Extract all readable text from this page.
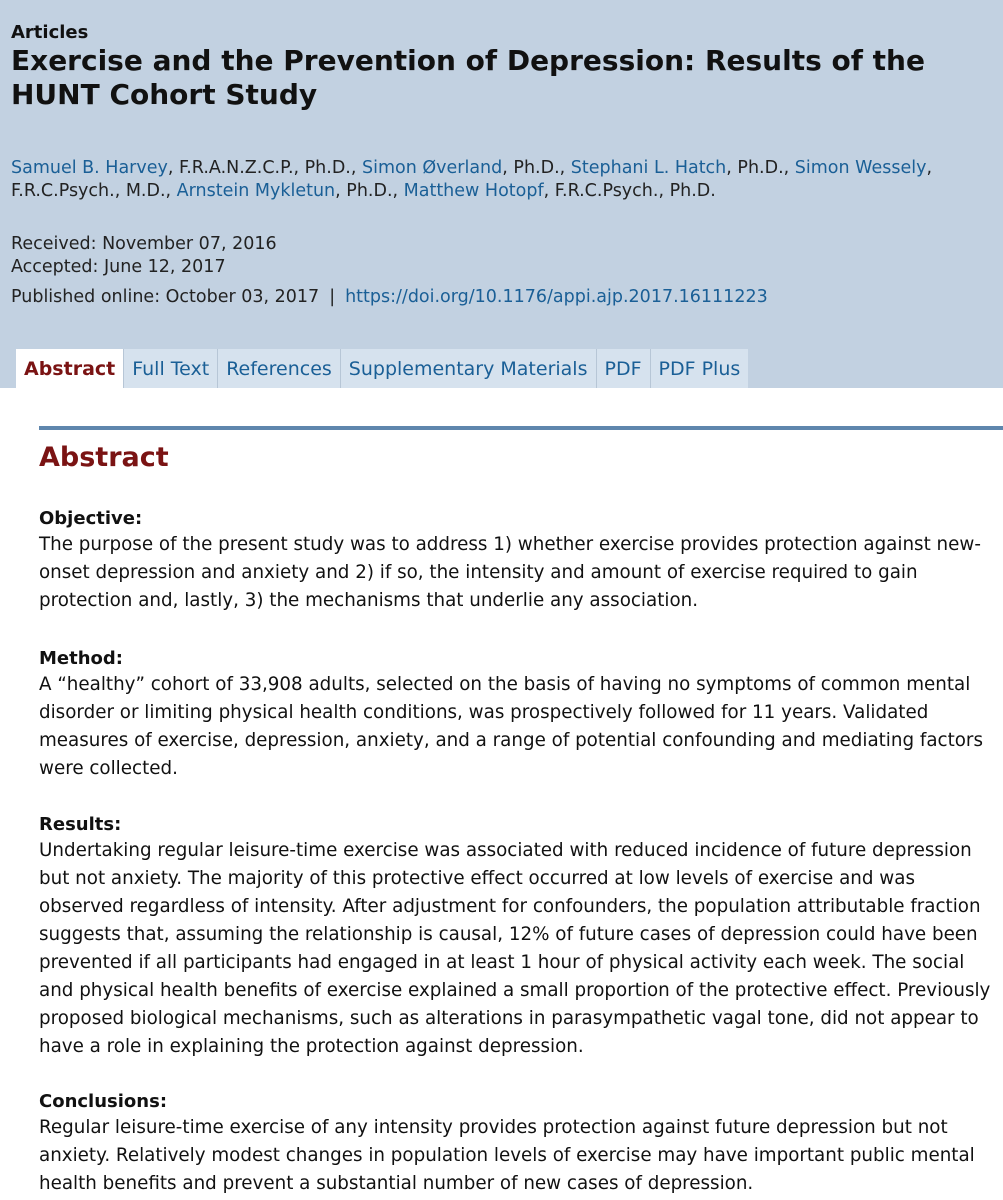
Articles
Exercise and the Prevention of Depression: Results of the HUNT Cohort Study
Samuel B. Harvey, F.R.A.N.Z.C.P., Ph.D., Simon Øverland, Ph.D., Stephani L. Hatch, Ph.D., Simon Wessely, F.R.C.Psych., M.D., Arnstein Mykletun, Ph.D., Matthew Hotopf, F.R.C.Psych., Ph.D.
Received: November 07, 2016
Accepted: June 12, 2017
Published online: October 03, 2017 | https://doi.org/10.1176/appi.ajp.2017.16111223
Abstract Full Text References Supplementary Materials PDF PDF Plus
Abstract
Objective:

The purpose of the present study was to address 1) whether exercise provides protection against new-onset depression and anxiety and 2) if so, the intensity and amount of exercise required to gain protection and, lastly, 3) the mechanisms that underlie any association.

Method:

A “healthy” cohort of 33,908 adults, selected on the basis of having no symptoms of common mental disorder or limiting physical health conditions, was prospectively followed for 11 years. Validated measures of exercise, depression, anxiety, and a range of potential confounding and mediating factors were collected.

Results:

Undertaking regular leisure-time exercise was associated with reduced incidence of future depression but not anxiety. The majority of this protective effect occurred at low levels of exercise and was observed regardless of intensity. After adjustment for confounders, the population attributable fraction suggests that, assuming the relationship is causal, 12% of future cases of depression could have been prevented if all participants had engaged in at least 1 hour of physical activity each week. The social and physical health benefits of exercise explained a small proportion of the protective effect. Previously proposed biological mechanisms, such as alterations in parasympathetic vagal tone, did not appear to have a role in explaining the protection against depression.

Conclusions:

Regular leisure-time exercise of any intensity provides protection against future depression but not anxiety. Relatively modest changes in population levels of exercise may have important public mental health benefits and prevent a substantial number of new cases of depression.
